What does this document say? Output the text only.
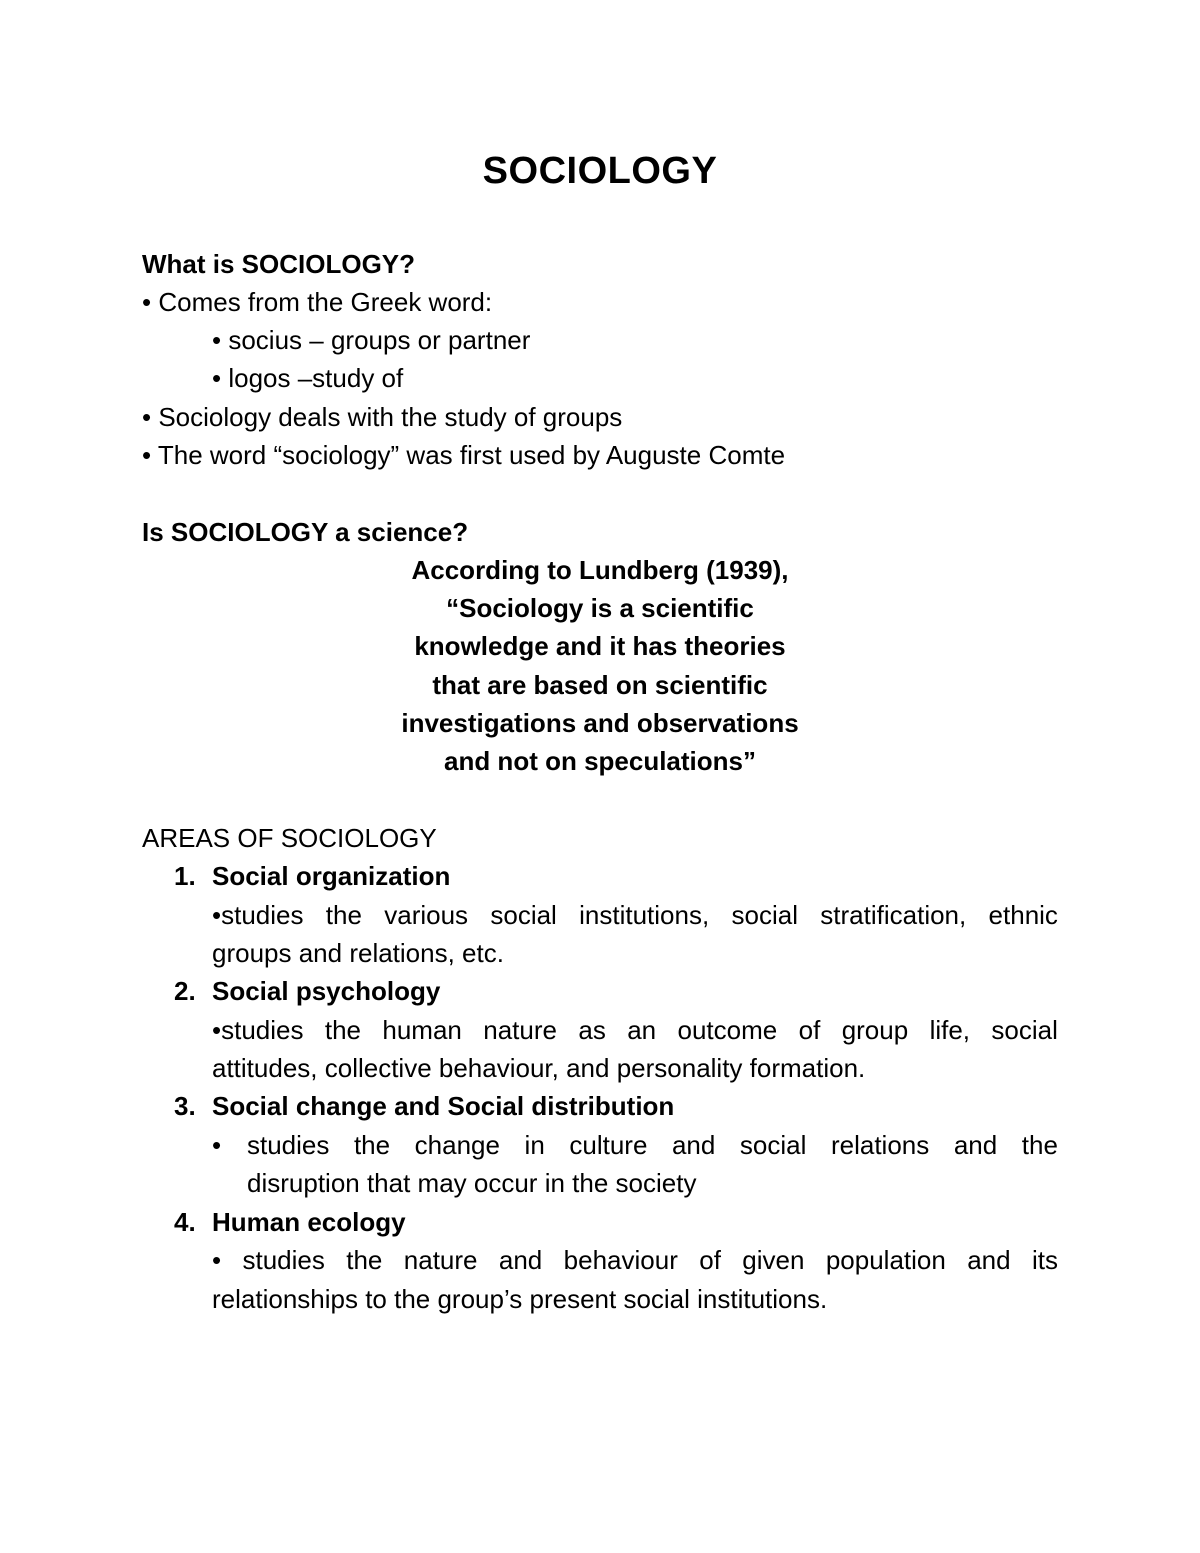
SOCIOLOGY
What is SOCIOLOGY?
• Comes from the Greek word:
• socius – groups or partner
• logos –study of
• Sociology deals with the study of groups
• The word “sociology” was first used by Auguste Comte
Is SOCIOLOGY a science?
According to Lundberg (1939),
“Sociology is a scientific
knowledge and it has theories
that are based on scientific
investigations and observations
and not on speculations”
AREAS OF SOCIOLOGY
1. Social organization
•studies the various social institutions, social stratification, ethnic
groups and relations, etc.
2. Social psychology
•studies the human nature as an outcome of group life, social
attitudes, collective behaviour, and personality formation.
3. Social change and Social distribution
• studies the change in culture and social relations and the
disruption that may occur in the society
4. Human ecology
• studies the nature and behaviour of given population and its
relationships to the group’s present social institutions.
